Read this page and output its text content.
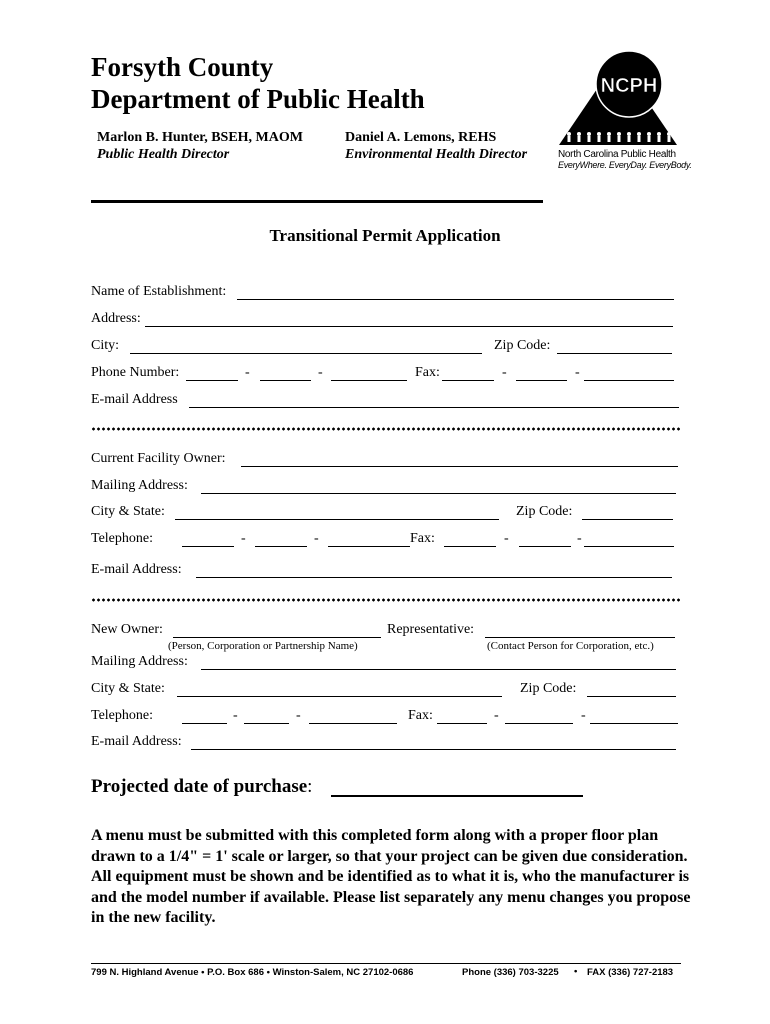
Forsyth County
Department of Public Health
Marlon B. Hunter, BSEH, MAOM
Public Health Director
Daniel A. Lemons, REHS
Environmental Health Director
NCPH
North Carolina Public Health
EveryWhere. EveryDay. EveryBody.
Transitional Permit Application
Name of Establishment:
Address:
City:	Zip Code:
Phone Number:	-	-	Fax:	-	-
E-mail Address
Current Facility Owner:
Mailing Address:
City & State:	Zip Code:
Telephone:	-	-	Fax:	-	-
E-mail Address:
New Owner:	Representative:
(Person, Corporation or Partnership Name)	(Contact Person for Corporation, etc.)
Mailing Address:
City & State:	Zip Code:
Telephone:	-	-	Fax:	-	-
E-mail Address:
Projected date of purchase:
A menu must be submitted with this completed form along with a proper floor plan drawn to a 1/4" = 1' scale or larger, so that your project can be given due consideration. All equipment must be shown and be identified as to what it is, who the manufacturer is and the model number if available. Please list separately any menu changes you propose in the new facility.
799 N. Highland Avenue • P.O. Box 686 • Winston-Salem, NC 27102-0686	Phone (336) 703-3225 • FAX (336) 727-2183
